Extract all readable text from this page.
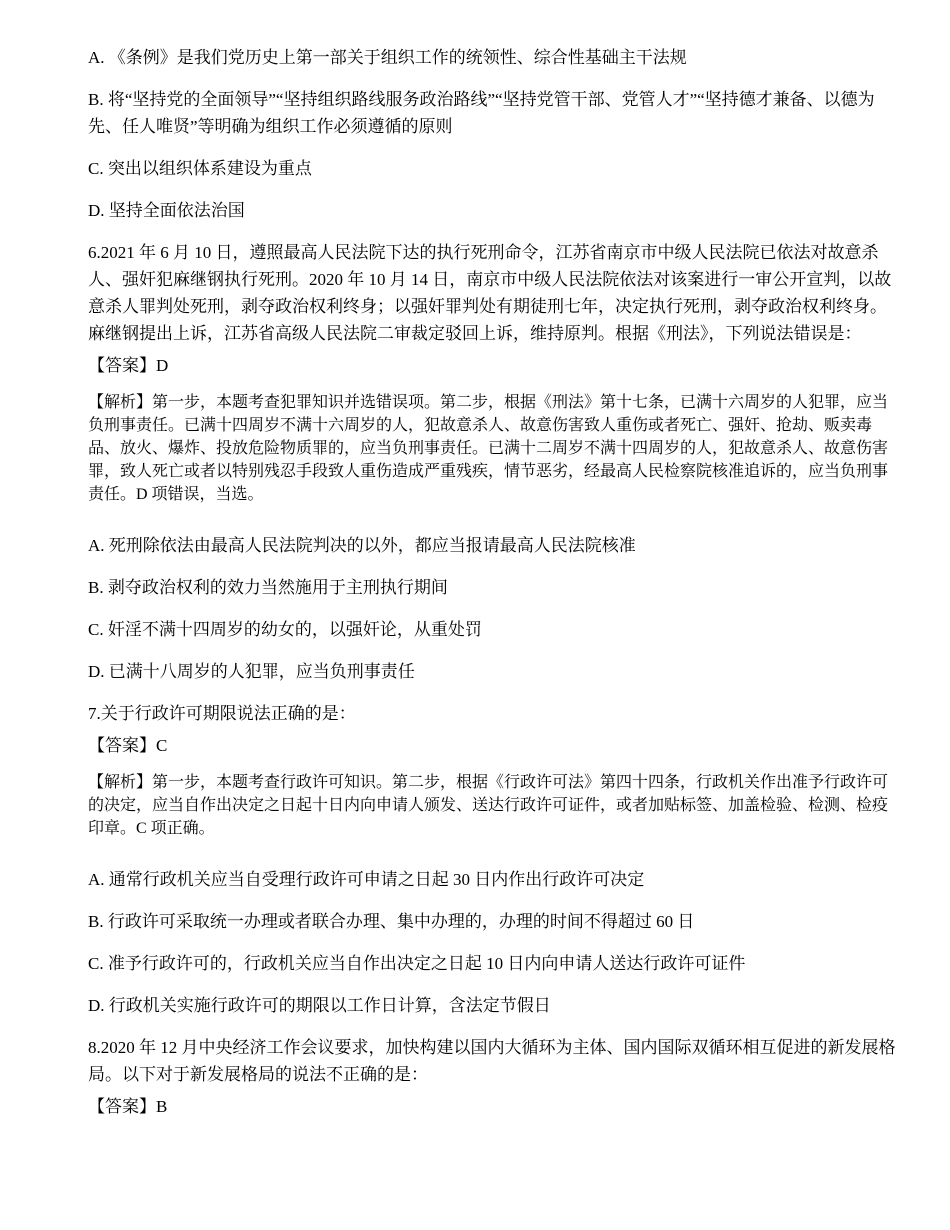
A. 《条例》是我们党历史上第一部关于组织工作的统领性、综合性基础主干法规

B. 将“坚持党的全面领导”“坚持组织路线服务政治路线”“坚持党管干部、党管人才”“坚持德才兼备、以德为先、任人唯贤”等明确为组织工作必须遵循的原则

C. 突出以组织体系建设为重点

D. 坚持全面依法治国

6.2021 年 6 月 10 日，遵照最高人民法院下达的执行死刑命令，江苏省南京市中级人民法院已依法对故意杀人、强奸犯麻继钢执行死刑。2020 年 10 月 14 日，南京市中级人民法院依法对该案进行一审公开宣判，以故意杀人罪判处死刑，剥夺政治权利终身；以强奸罪判处有期徒刑七年，决定执行死刑，剥夺政治权利终身。麻继钢提出上诉，江苏省高级人民法院二审裁定驳回上诉，维持原判。根据《刑法》，下列说法错误是：

【答案】D

【解析】第一步，本题考查犯罪知识并选错误项。第二步，根据《刑法》第十七条，已满十六周岁的人犯罪，应当负刑事责任。已满十四周岁不满十六周岁的人，犯故意杀人、故意伤害致人重伤或者死亡、强奸、抢劫、贩卖毒品、放火、爆炸、投放危险物质罪的，应当负刑事责任。已满十二周岁不满十四周岁的人，犯故意杀人、故意伤害罪，致人死亡或者以特别残忍手段致人重伤造成严重残疾，情节恶劣，经最高人民检察院核准追诉的，应当负刑事责任。D 项错误，当选。

A. 死刑除依法由最高人民法院判决的以外，都应当报请最高人民法院核准

B. 剥夺政治权利的效力当然施用于主刑执行期间

C. 奸淫不满十四周岁的幼女的，以强奸论，从重处罚

D. 已满十八周岁的人犯罪，应当负刑事责任

7.关于行政许可期限说法正确的是：

【答案】C

【解析】第一步，本题考查行政许可知识。第二步，根据《行政许可法》第四十四条，行政机关作出准予行政许可的决定，应当自作出决定之日起十日内向申请人颁发、送达行政许可证件，或者加贴标签、加盖检验、检测、检疫印章。C 项正确。

A. 通常行政机关应当自受理行政许可申请之日起 30 日内作出行政许可决定

B. 行政许可采取统一办理或者联合办理、集中办理的，办理的时间不得超过 60 日

C. 准予行政许可的，行政机关应当自作出决定之日起 10 日内向申请人送达行政许可证件

D. 行政机关实施行政许可的期限以工作日计算，含法定节假日

8.2020 年 12 月中央经济工作会议要求，加快构建以国内大循环为主体、国内国际双循环相互促进的新发展格局。以下对于新发展格局的说法不正确的是：

【答案】B
